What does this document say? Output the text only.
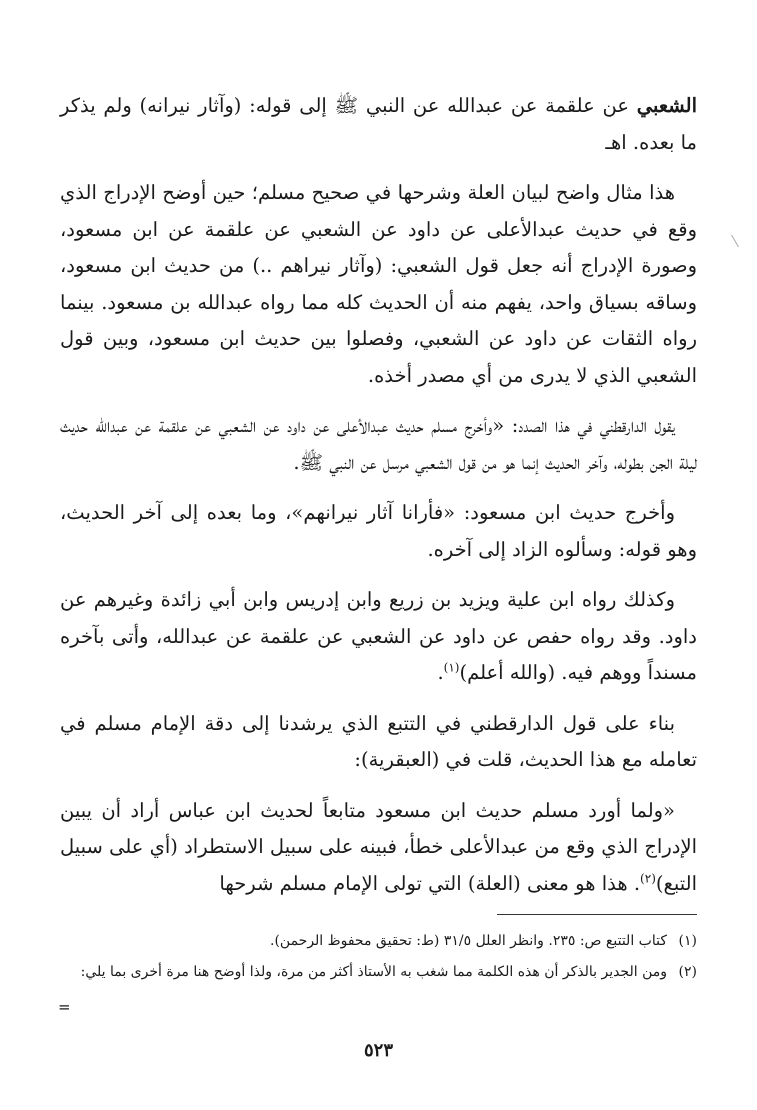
الشعبي عن علقمة عن عبدالله عن النبي ﷺ إلى قوله: (وآثار نيرانه) ولم يذكر ما بعده. اهـ

هذا مثال واضح لبيان العلة وشرحها في صحيح مسلم؛ حين أوضح الإدراج الذي وقع في حديث عبدالأعلى عن داود عن الشعبي عن علقمة عن ابن مسعود، وصورة الإدراج أنه جعل قول الشعبي: (وآثار نيراهم ..) من حديث ابن مسعود، وساقه بسياق واحد، يفهم منه أن الحديث كله مما رواه عبدالله بن مسعود. بينما رواه الثقات عن داود عن الشعبي، وفصلوا بين حديث ابن مسعود، وبين قول الشعبي الذي لا يدرى من أي مصدر أخذه.

يقول الدارقطني في هذا الصدد: «وأخرج مسلم حديث عبدالأعلى عن داود عن الشعبي عن علقمة عن عبدالله حديث ليلة الجن بطوله، وآخر الحديث إنما هو من قول الشعبي مرسل عن النبي ﷺ.

وأخرج حديث ابن مسعود: «فأرانا آثار نيرانهم»، وما بعده إلى آخر الحديث، وهو قوله: وسألوه الزاد إلى آخره.

وكذلك رواه ابن علية ويزيد بن زريع وابن إدريس وابن أبي زائدة وغيرهم عن داود. وقد رواه حفص عن داود عن الشعبي عن علقمة عن عبدالله، وأتى بآخره مسنداً ووهم فيه. (والله أعلم)$^{(١)}$.

بناء على قول الدارقطني في التتبع الذي يرشدنا إلى دقة الإمام مسلم في تعامله مع هذا الحديث، قلت في (العبقرية):

«ولما أورد مسلم حديث ابن مسعود متابعاً لحديث ابن عباس أراد أن يبين الإدراج الذي وقع من عبدالأعلى خطأ، فبينه على سبيل الاستطراد (أي على سبيل التبع)$^{(٢)}$. هذا هو معنى (العلة) التي تولى الإمام مسلم شرحها

(١)كتاب التتبع ص: ٢٣٥. وانظر العلل ٣١/٥ (ط: تحقيق محفوظ الرحمن).

(٢)ومن الجدير بالذكر أن هذه الكلمة مما شغب به الأستاذ أكثر من مرة، ولذا أوضح هنا مرة أخرى بما يلي:

=
٥٢٣
